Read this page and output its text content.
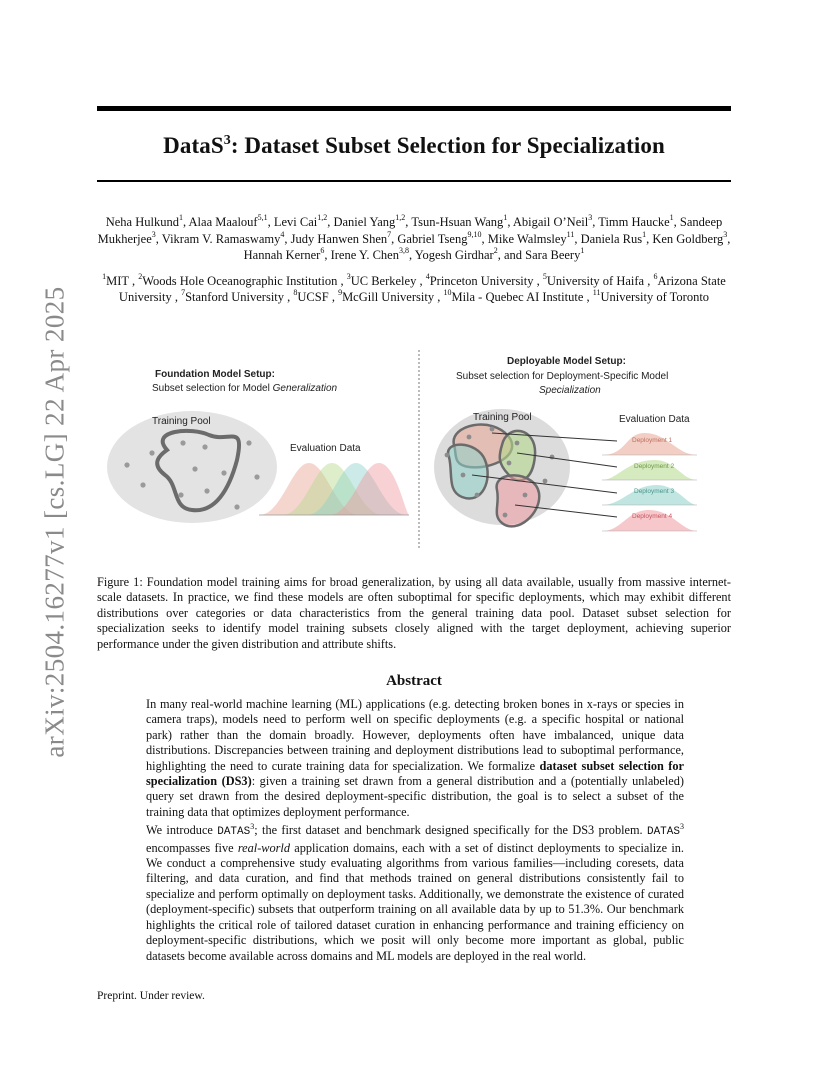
arXiv:2504.16277v1 [cs.LG] 22 Apr 2025
DataS$^3$: Dataset Subset Selection for Specialization
Neha Hulkund$^1$, Alaa Maalouf$^{5,1}$, Levi Cai$^{1,2}$, Daniel Yang$^{1,2}$, Tsun-Hsuan Wang$^1$, Abigail O’Neil$^3$, Timm Haucke$^1$, Sandeep Mukherjee$^3$, Vikram V. Ramaswamy$^4$, Judy Hanwen Shen$^7$, Gabriel Tseng$^{9,10}$, Mike Walmsley$^{11}$, Daniela Rus$^1$, Ken Goldberg$^3$, Hannah Kerner$^6$, Irene Y. Chen$^{3,8}$, Yogesh Girdhar$^2$, and Sara Beery$^1$
$^1$MIT , $^2$Woods Hole Oceanographic Institution , $^3$UC Berkeley , $^4$Princeton University , $^5$University of Haifa , $^6$Arizona State University , $^7$Stanford University , $^8$UCSF , $^9$McGill University , $^{10}$Mila - Quebec AI Institute , $^{11}$University of Toronto
Foundation Model Setup:
Subset selection for Model Generalization
Training Pool
Evaluation Data
Deployable Model Setup:
Subset selection for Deployment-Specific Model
Specialization
Training Pool	Evaluation Data
Deployment 1
Deployment 2
Deployment 3
Deployment 4
Figure 1: Foundation model training aims for broad generalization, by using all data available, usually from massive internet-scale datasets. In practice, we find these models are often suboptimal for specific deployments, which may exhibit different distributions over categories or data characteristics from the general training data pool. Dataset subset selection for specialization seeks to identify model training subsets closely aligned with the target deployment, achieving superior performance under the given distribution and attribute shifts.
Abstract

In many real-world machine learning (ML) applications (e.g. detecting broken bones in x-rays or species in camera traps), models need to perform well on specific deployments (e.g. a specific hospital or national park) rather than the domain broadly. However, deployments often have imbalanced, unique data distributions. Discrepancies between training and deployment distributions lead to suboptimal performance, highlighting the need to curate training data for specialization. We formalize dataset subset selection for specialization (DS3): given a training set drawn from a general distribution and a (potentially unlabeled) query set drawn from the desired deployment-specific distribution, the goal is to select a subset of the training data that optimizes deployment performance.

We introduce DATAS$^3$; the first dataset and benchmark designed specifically for the DS3 problem. DATAS$^3$ encompasses five real-world application domains, each with a set of distinct deployments to specialize in. We conduct a comprehensive study evaluating algorithms from various families—including coresets, data filtering, and data curation, and find that methods trained on general distributions consistently fail to specialize and perform optimally on deployment tasks. Additionally, we demonstrate the existence of curated (deployment-specific) subsets that outperform training on all available data by up to 51.3%. Our benchmark highlights the critical role of tailored dataset curation in enhancing performance and training efficiency on deployment-specific distributions, which we posit will only become more important as global, public datasets become available across domains and ML models are deployed in the real world.

Preprint. Under review.
